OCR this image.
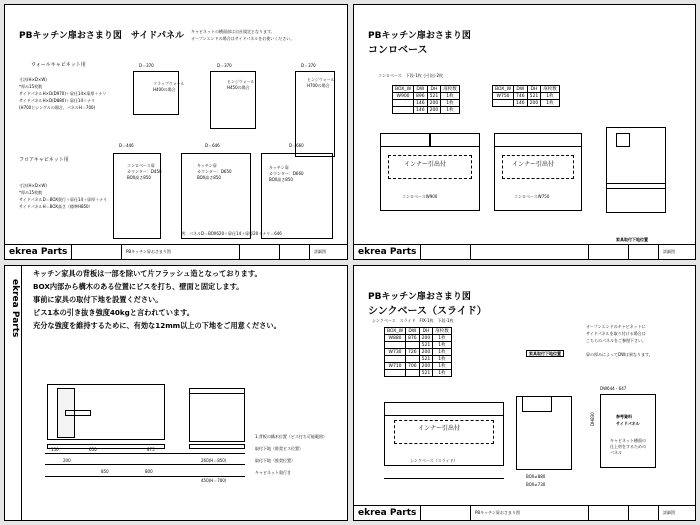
PBキッチン扉おさまり図　サイドパネル キャビネットの横面部は自社規定となります。
オープンエンドの場合はサイドパネルをお使いください。
ウォールキャビネット用
寸法(H×D×W)
*厚み15枚数
サイドパネルH×D(D970)＋扉仕14×扉厚＋ナリ
サイドパネルH×D(D880)＋扉仕14＋ナリ
(H700とシングルの場合、パネルH＝700)
D＝370
フラップウォール
H400の場合
D＝370
ヒンジウォール
H450の場合
D＝370
ヒンジウォール
H700の場合
フロアキャビネット用
寸法(H×D×W)
*厚み15枚数
サイドパネルD＝BOX奥行＋扉仕14＋扉厚＋ナリ
サイドパネルH＝BOX高さ（標準H850）
D＝446
コンロベース扉
カウンター：D450
BOX高さ850
D＝646
キッチン扉
カウンター：D650
BOX高さ850
D＝660
キッチン扉
カウンター：D660
BOX高さ850
例：パネルD＝BOX620＋扉仕14＋扉厚20＋ナリ＝646
ekrea Parts	PBキッチン扉おさまり図	詳細図
PBキッチン扉おさまり図
コンロベース
コンロベース　下段-1枚 小引出-2枚
BOX_W	DW	DH	扉枚数
W900	896	521	1枚
	146	200	1枚
	146	200	1枚
BOX_W	DW	DH	扉枚数
W750	746	521	1枚
	146	200	1枚
インナー引出付
コンロベースW900
インナー引出付
コンロベースW750
家具取付下地位置
ekrea Parts	詳細図
ekrea Parts
キッチン家具の背板は一部を除いて片フラッシュ造となっております。
BOX内部から構木のある位置にビスを打ち、壁面と固定します。
事前に家具の取付下地を設置ください。
ビス1本の引き抜き強度40kgと言われています。
充分な強度を維持するために、有効な12mm以上の下地をご用意ください。
1.背板の構木位置（ビス打ち可能範囲）
取付下地（推奨ビス位置）
取付下地（推奨位置）
キャビネット奥行き
150	650	875
850
200
800
260(H＝850)
450(H＝700)
PBキッチン扉おさまり図
シンクベース（スライド）
シンクベース　スライド　FIX-1枚　下段-1枚
BOX_W	DW	DH	扉枚数
W880	876	200	1枚
		521	1枚
W730	726	200	1枚
		521	1枚
W710	706	200	1枚
		521	1枚
家具取付下地位置
オープンエンドのキャビネットに
サイドパネルを取り付ける場合は
こちらのパネルをご参照下さい。
扉の厚みによってDWは異なります。
インナー引出付
シンクベース（スライド）
BOX≠880
BOX≠730
DW644・647
DH830	参考資料
サイドパネル
キャビネット横面の
仕上材をするための
パネル
ekrea Parts	PBキッチン扉おさまり図	詳細図
